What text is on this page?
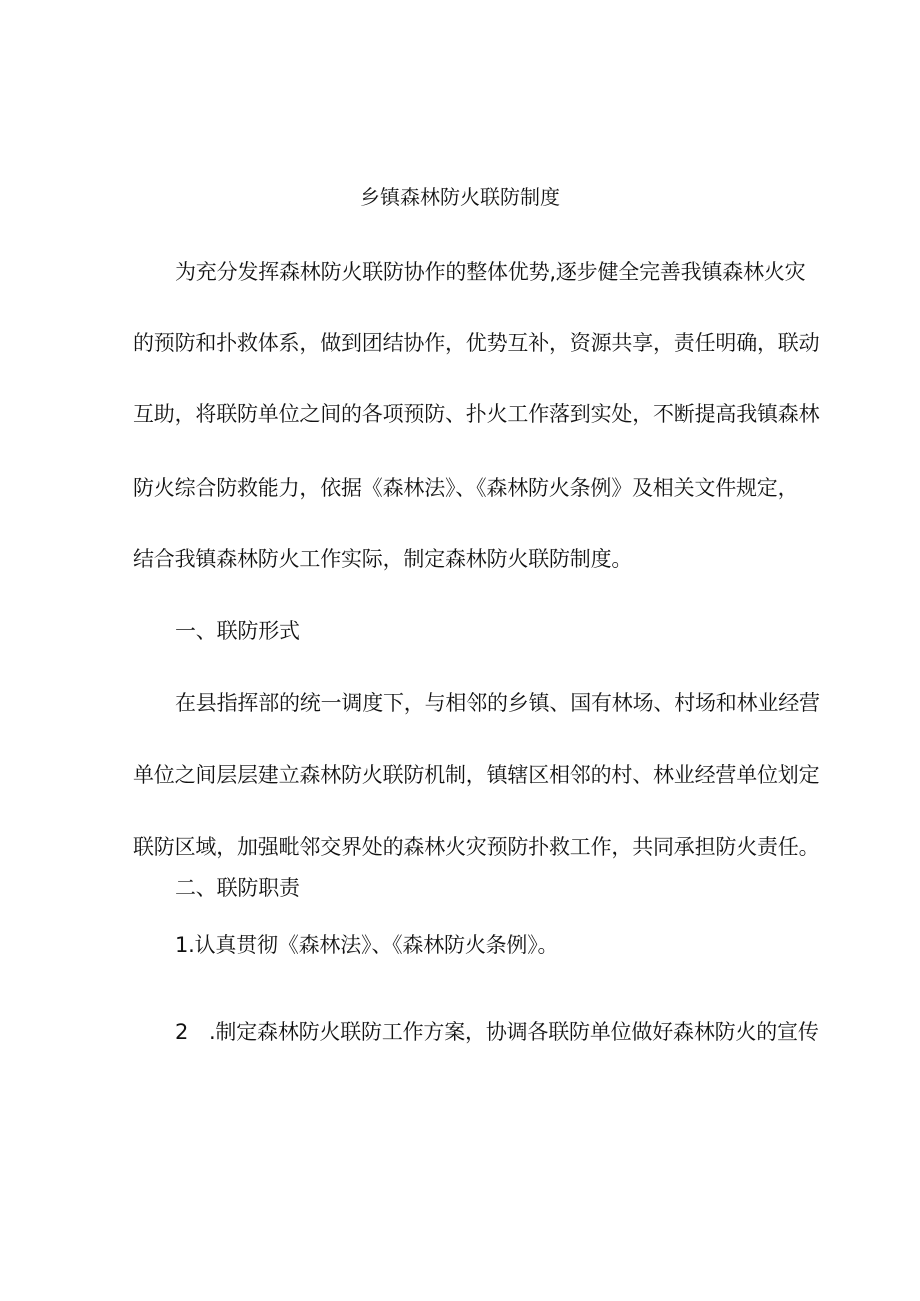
乡镇森林防火联防制度
为充分发挥森林防火联防协作的整体优势,逐步健全完善我镇森林火灾
的预防和扑救体系，做到团结协作，优势互补，资源共享，责任明确，联动
互助，将联防单位之间的各项预防、扑火工作落到实处，不断提高我镇森林
防火综合防救能力，依据《森林法》、《森林防火条例》及相关文件规定，
结合我镇森林防火工作实际，制定森林防火联防制度。
一、联防形式
在县指挥部的统一调度下，与相邻的乡镇、国有林场、村场和林业经营
单位之间层层建立森林防火联防机制，镇辖区相邻的村、林业经营单位划定
联防区域，加强毗邻交界处的森林火灾预防扑救工作，共同承担防火责任。
二、联防职责
1.认真贯彻《森林法》、《森林防火条例》。
2　.制定森林防火联防工作方案，协调各联防单位做好森林防火的宣传
